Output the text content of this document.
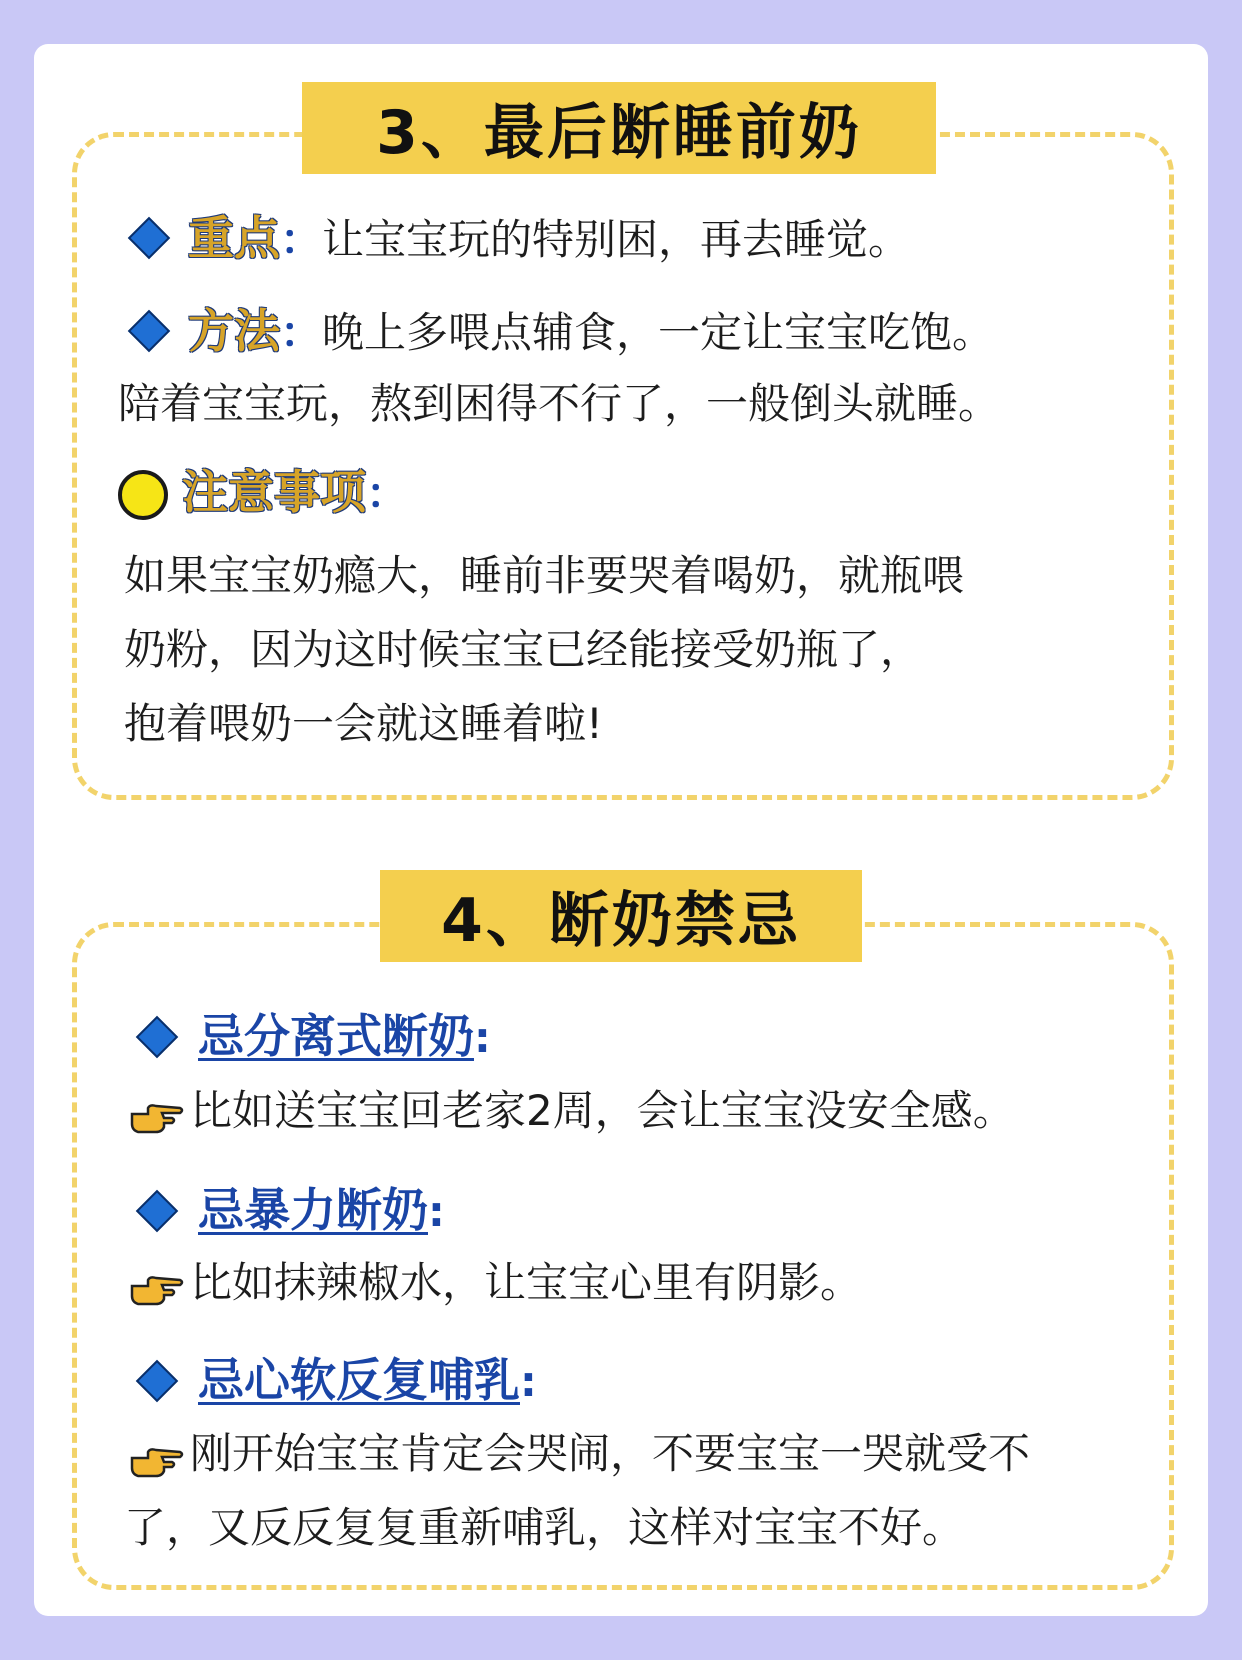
3、最后断睡前奶
重点：让宝宝玩的特别困，再去睡觉。
方法：晚上多喂点辅食，一定让宝宝吃饱。
陪着宝宝玩，熬到困得不行了，一般倒头就睡。
注意事项：
如果宝宝奶瘾大，睡前非要哭着喝奶，就瓶喂
奶粉，因为这时候宝宝已经能接受奶瓶了，
抱着喂奶一会就这睡着啦!
4、断奶禁忌
忌分离式断奶:
比如送宝宝回老家2周，会让宝宝没安全感。
忌暴力断奶:
比如抹辣椒水，让宝宝心里有阴影。
忌心软反复哺乳:
刚开始宝宝肯定会哭闹，不要宝宝一哭就受不
了，又反反复复重新哺乳，这样对宝宝不好。
